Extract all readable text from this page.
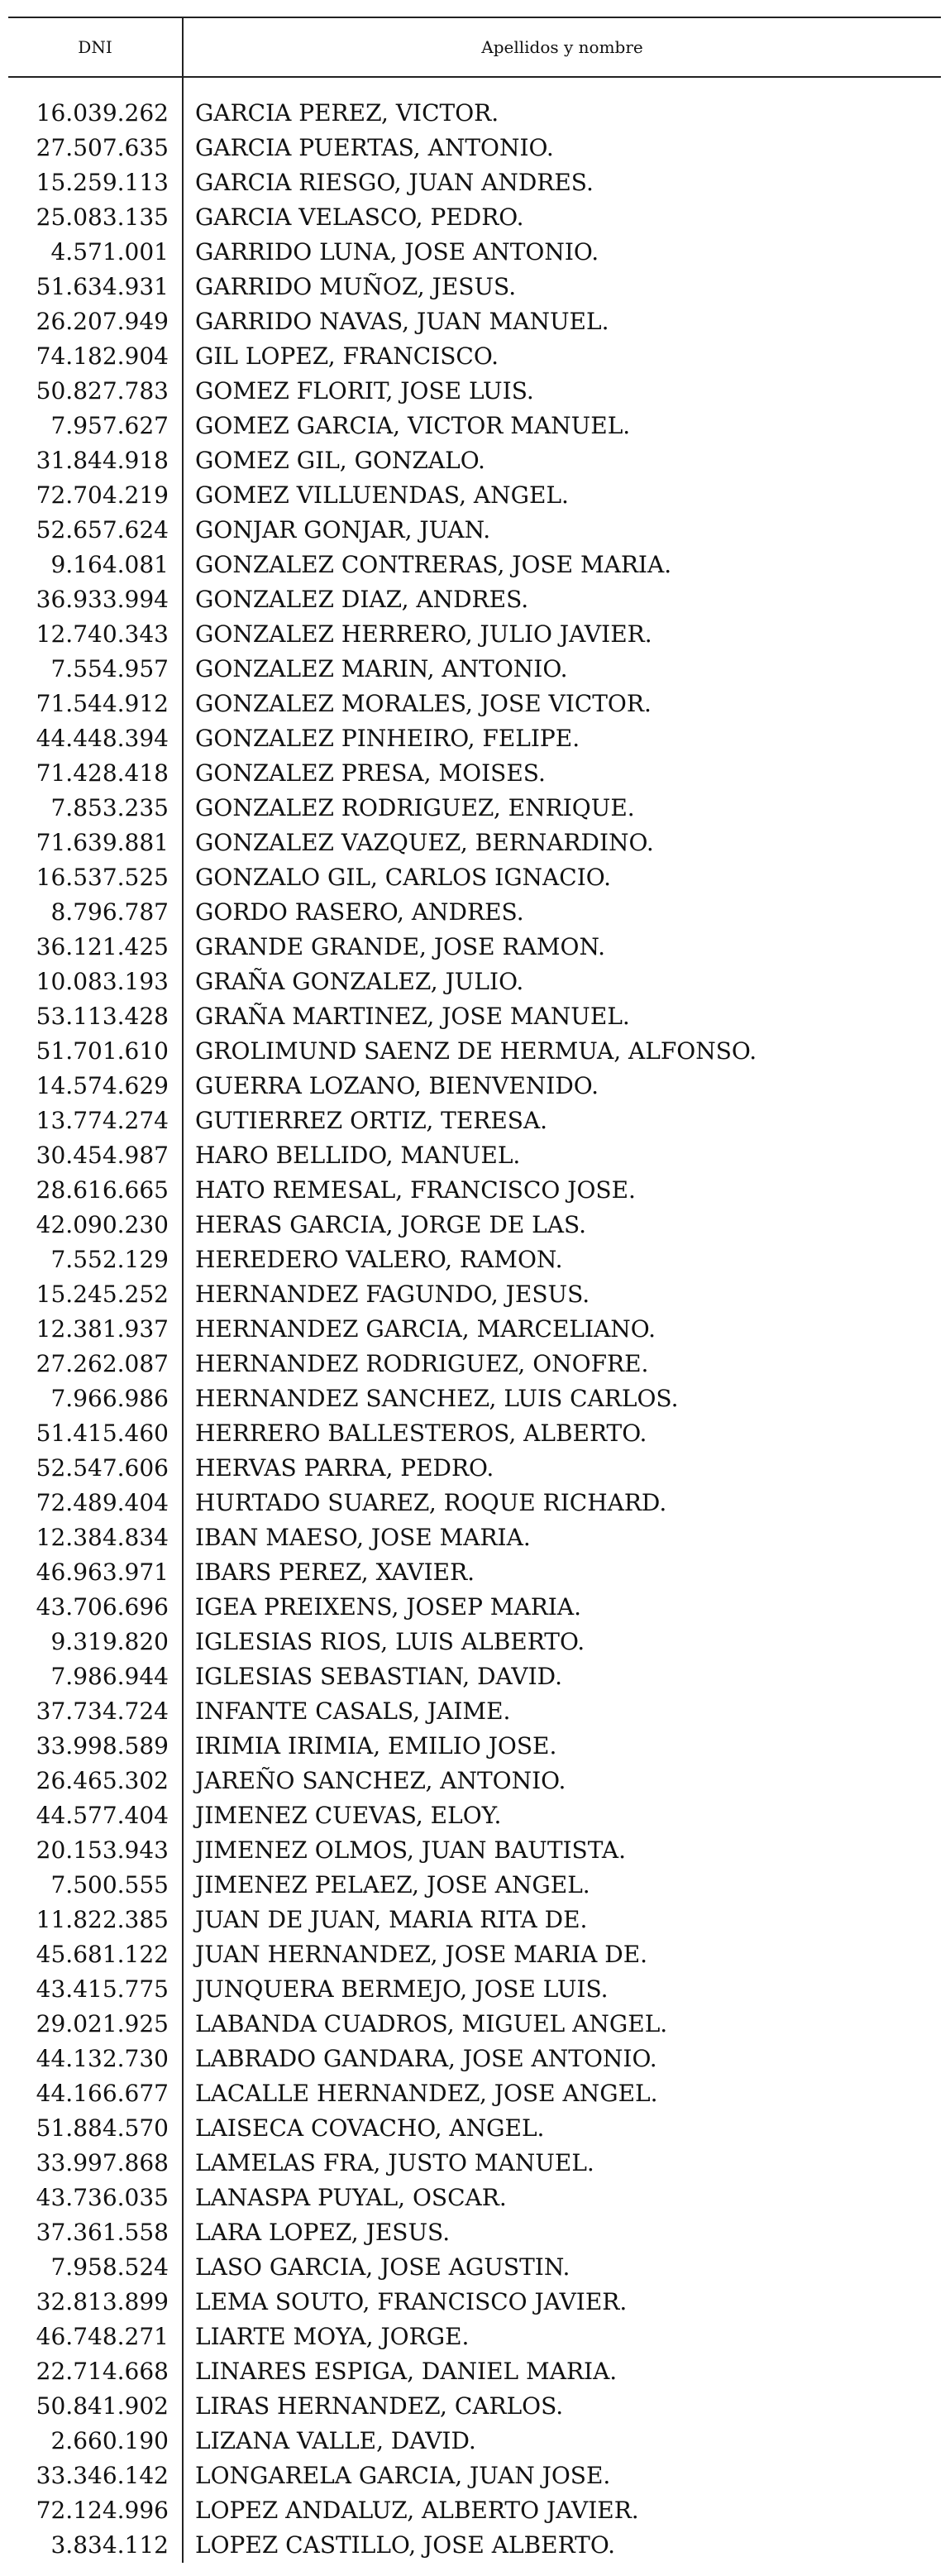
DNI	Apellidos y nombre

16.039.262	GARCIA PEREZ, VICTOR.
27.507.635	GARCIA PUERTAS, ANTONIO.
15.259.113	GARCIA RIESGO, JUAN ANDRES.
25.083.135	GARCIA VELASCO, PEDRO.
4.571.001	GARRIDO LUNA, JOSE ANTONIO.
51.634.931	GARRIDO MUÑOZ, JESUS.
26.207.949	GARRIDO NAVAS, JUAN MANUEL.
74.182.904	GIL LOPEZ, FRANCISCO.
50.827.783	GOMEZ FLORIT, JOSE LUIS.
7.957.627	GOMEZ GARCIA, VICTOR MANUEL.
31.844.918	GOMEZ GIL, GONZALO.
72.704.219	GOMEZ VILLUENDAS, ANGEL.
52.657.624	GONJAR GONJAR, JUAN.
9.164.081	GONZALEZ CONTRERAS, JOSE MARIA.
36.933.994	GONZALEZ DIAZ, ANDRES.
12.740.343	GONZALEZ HERRERO, JULIO JAVIER.
7.554.957	GONZALEZ MARIN, ANTONIO.
71.544.912	GONZALEZ MORALES, JOSE VICTOR.
44.448.394	GONZALEZ PINHEIRO, FELIPE.
71.428.418	GONZALEZ PRESA, MOISES.
7.853.235	GONZALEZ RODRIGUEZ, ENRIQUE.
71.639.881	GONZALEZ VAZQUEZ, BERNARDINO.
16.537.525	GONZALO GIL, CARLOS IGNACIO.
8.796.787	GORDO RASERO, ANDRES.
36.121.425	GRANDE GRANDE, JOSE RAMON.
10.083.193	GRAÑA GONZALEZ, JULIO.
53.113.428	GRAÑA MARTINEZ, JOSE MANUEL.
51.701.610	GROLIMUND SAENZ DE HERMUA, ALFONSO.
14.574.629	GUERRA LOZANO, BIENVENIDO.
13.774.274	GUTIERREZ ORTIZ, TERESA.
30.454.987	HARO BELLIDO, MANUEL.
28.616.665	HATO REMESAL, FRANCISCO JOSE.
42.090.230	HERAS GARCIA, JORGE DE LAS.
7.552.129	HEREDERO VALERO, RAMON.
15.245.252	HERNANDEZ FAGUNDO, JESUS.
12.381.937	HERNANDEZ GARCIA, MARCELIANO.
27.262.087	HERNANDEZ RODRIGUEZ, ONOFRE.
7.966.986	HERNANDEZ SANCHEZ, LUIS CARLOS.
51.415.460	HERRERO BALLESTEROS, ALBERTO.
52.547.606	HERVAS PARRA, PEDRO.
72.489.404	HURTADO SUAREZ, ROQUE RICHARD.
12.384.834	IBAN MAESO, JOSE MARIA.
46.963.971	IBARS PEREZ, XAVIER.
43.706.696	IGEA PREIXENS, JOSEP MARIA.
9.319.820	IGLESIAS RIOS, LUIS ALBERTO.
7.986.944	IGLESIAS SEBASTIAN, DAVID.
37.734.724	INFANTE CASALS, JAIME.
33.998.589	IRIMIA IRIMIA, EMILIO JOSE.
26.465.302	JAREÑO SANCHEZ, ANTONIO.
44.577.404	JIMENEZ CUEVAS, ELOY.
20.153.943	JIMENEZ OLMOS, JUAN BAUTISTA.
7.500.555	JIMENEZ PELAEZ, JOSE ANGEL.
11.822.385	JUAN DE JUAN, MARIA RITA DE.
45.681.122	JUAN HERNANDEZ, JOSE MARIA DE.
43.415.775	JUNQUERA BERMEJO, JOSE LUIS.
29.021.925	LABANDA CUADROS, MIGUEL ANGEL.
44.132.730	LABRADO GANDARA, JOSE ANTONIO.
44.166.677	LACALLE HERNANDEZ, JOSE ANGEL.
51.884.570	LAISECA COVACHO, ANGEL.
33.997.868	LAMELAS FRA, JUSTO MANUEL.
43.736.035	LANASPA PUYAL, OSCAR.
37.361.558	LARA LOPEZ, JESUS.
7.958.524	LASO GARCIA, JOSE AGUSTIN.
32.813.899	LEMA SOUTO, FRANCISCO JAVIER.
46.748.271	LIARTE MOYA, JORGE.
22.714.668	LINARES ESPIGA, DANIEL MARIA.
50.841.902	LIRAS HERNANDEZ, CARLOS.
2.660.190	LIZANA VALLE, DAVID.
33.346.142	LONGARELA GARCIA, JUAN JOSE.
72.124.996	LOPEZ ANDALUZ, ALBERTO JAVIER.
3.834.112	LOPEZ CASTILLO, JOSE ALBERTO.
